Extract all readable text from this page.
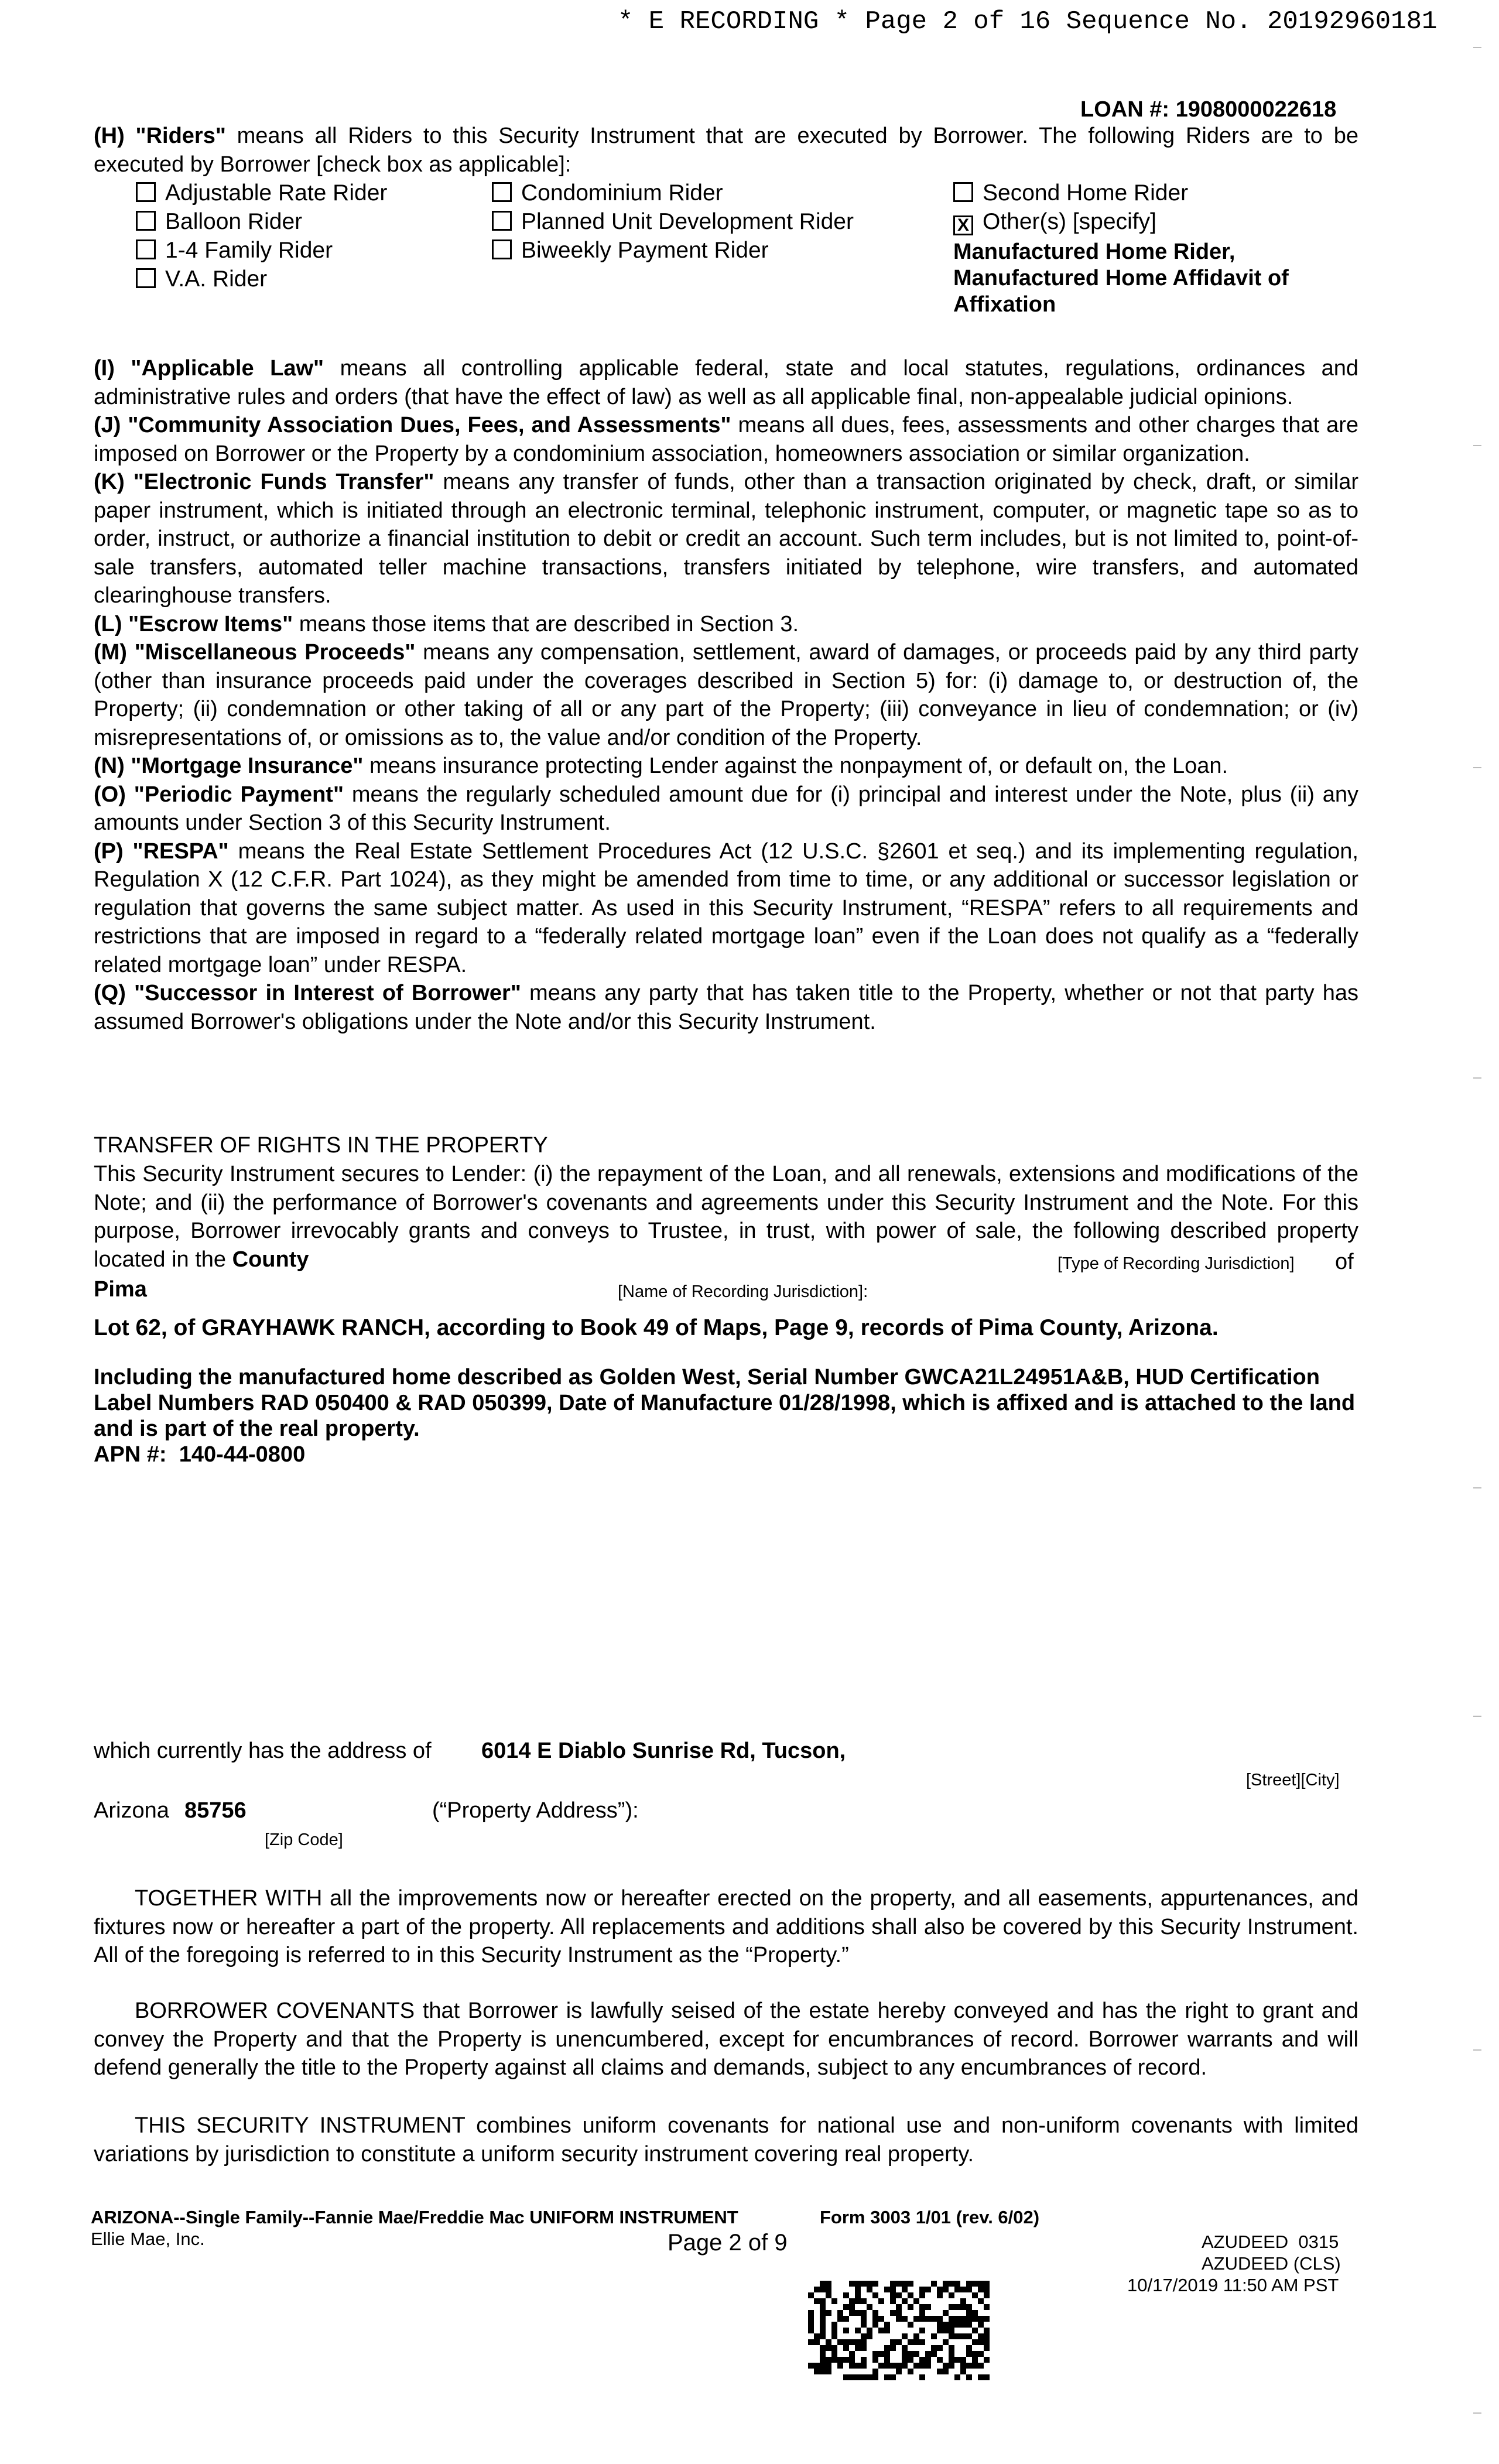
* E RECORDING * Page 2 of 16 Sequence No. 20192960181
LOAN #: 1908000022618
(H) "Riders" means all Riders to this Security Instrument that are executed by Borrower. The following Riders are to be executed by Borrower [check box as applicable]:
Adjustable Rate Rider
Balloon Rider
1-4 Family Rider
V.A. Rider
Condominium Rider
Planned Unit Development Rider
Biweekly Payment Rider
Second Home Rider
X Other(s) [specify]
Manufactured Home Rider, Manufactured Home Affidavit of Affixation
(I) "Applicable Law" means all controlling applicable federal, state and local statutes, regulations, ordinances and administrative rules and orders (that have the effect of law) as well as all applicable final, non-appealable judicial opinions.
(J) "Community Association Dues, Fees, and Assessments" means all dues, fees, assessments and other charges that are imposed on Borrower or the Property by a condominium association, homeowners association or similar organization.
(K) "Electronic Funds Transfer" means any transfer of funds, other than a transaction originated by check, draft, or similar paper instrument, which is initiated through an electronic terminal, telephonic instrument, computer, or magnetic tape so as to order, instruct, or authorize a financial institution to debit or credit an account. Such term includes, but is not limited to, point-of-sale transfers, automated teller machine transactions, transfers initiated by telephone, wire transfers, and automated clearinghouse transfers.
(L) "Escrow Items" means those items that are described in Section 3.
(M) "Miscellaneous Proceeds" means any compensation, settlement, award of damages, or proceeds paid by any third party (other than insurance proceeds paid under the coverages described in Section 5) for: (i) damage to, or destruction of, the Property; (ii) condemnation or other taking of all or any part of the Property; (iii) conveyance in lieu of condemnation; or (iv) misrepresentations of, or omissions as to, the value and/or condition of the Property.
(N) "Mortgage Insurance" means insurance protecting Lender against the nonpayment of, or default on, the Loan.
(O) "Periodic Payment" means the regularly scheduled amount due for (i) principal and interest under the Note, plus (ii) any amounts under Section 3 of this Security Instrument.
(P) "RESPA" means the Real Estate Settlement Procedures Act (12 U.S.C. §2601 et seq.) and its implementing regulation, Regulation X (12 C.F.R. Part 1024), as they might be amended from time to time, or any additional or successor legislation or regulation that governs the same subject matter. As used in this Security Instrument, “RESPA” refers to all requirements and restrictions that are imposed in regard to a “federally related mortgage loan” even if the Loan does not qualify as a “federally related mortgage loan” under RESPA.
(Q) "Successor in Interest of Borrower" means any party that has taken title to the Property, whether or not that party has assumed Borrower's obligations under the Note and/or this Security Instrument.
TRANSFER OF RIGHTS IN THE PROPERTY
This Security Instrument secures to Lender: (i) the repayment of the Loan, and all renewals, extensions and modifications of the Note; and (ii) the performance of Borrower's covenants and agreements under this Security Instrument and the Note. For this purpose, Borrower irrevocably grants and conveys to Trustee, in trust, with power of sale, the following described property located in the County	[Type of Recording Jurisdiction] of
Pima	[Name of Recording Jurisdiction]:
Lot 62, of GRAYHAWK RANCH, according to Book 49 of Maps, Page 9, records of Pima County, Arizona.
Including the manufactured home described as Golden West, Serial Number GWCA21L24951A&B, HUD Certification Label Numbers RAD 050400 & RAD 050399, Date of Manufacture 01/28/1998, which is affixed and is attached to the land and is part of the real property.
APN #:  140-44-0800
which currently has the address of 6014 E Diablo Sunrise Rd, Tucson,
[Street][City]
Arizona 85756	(“Property Address”):
[Zip Code]
TOGETHER WITH all the improvements now or hereafter erected on the property, and all easements, appurtenances, and fixtures now or hereafter a part of the property. All replacements and additions shall also be covered by this Security Instrument. All of the foregoing is referred to in this Security Instrument as the “Property.”
BORROWER COVENANTS that Borrower is lawfully seised of the estate hereby conveyed and has the right to grant and convey the Property and that the Property is unencumbered, except for encumbrances of record. Borrower warrants and will defend generally the title to the Property against all claims and demands, subject to any encumbrances of record.
THIS SECURITY INSTRUMENT combines uniform covenants for national use and non-uniform covenants with limited variations by jurisdiction to constitute a uniform security instrument covering real property.
ARIZONA--Single Family--Fannie Mae/Freddie Mac UNIFORM INSTRUMENT
Ellie Mae, Inc.
Form 3003 1/01 (rev. 6/02)
Page 2 of 9	AZUDEED  0315
AZUDEED (CLS)
10/17/2019 11:50 AM PST
